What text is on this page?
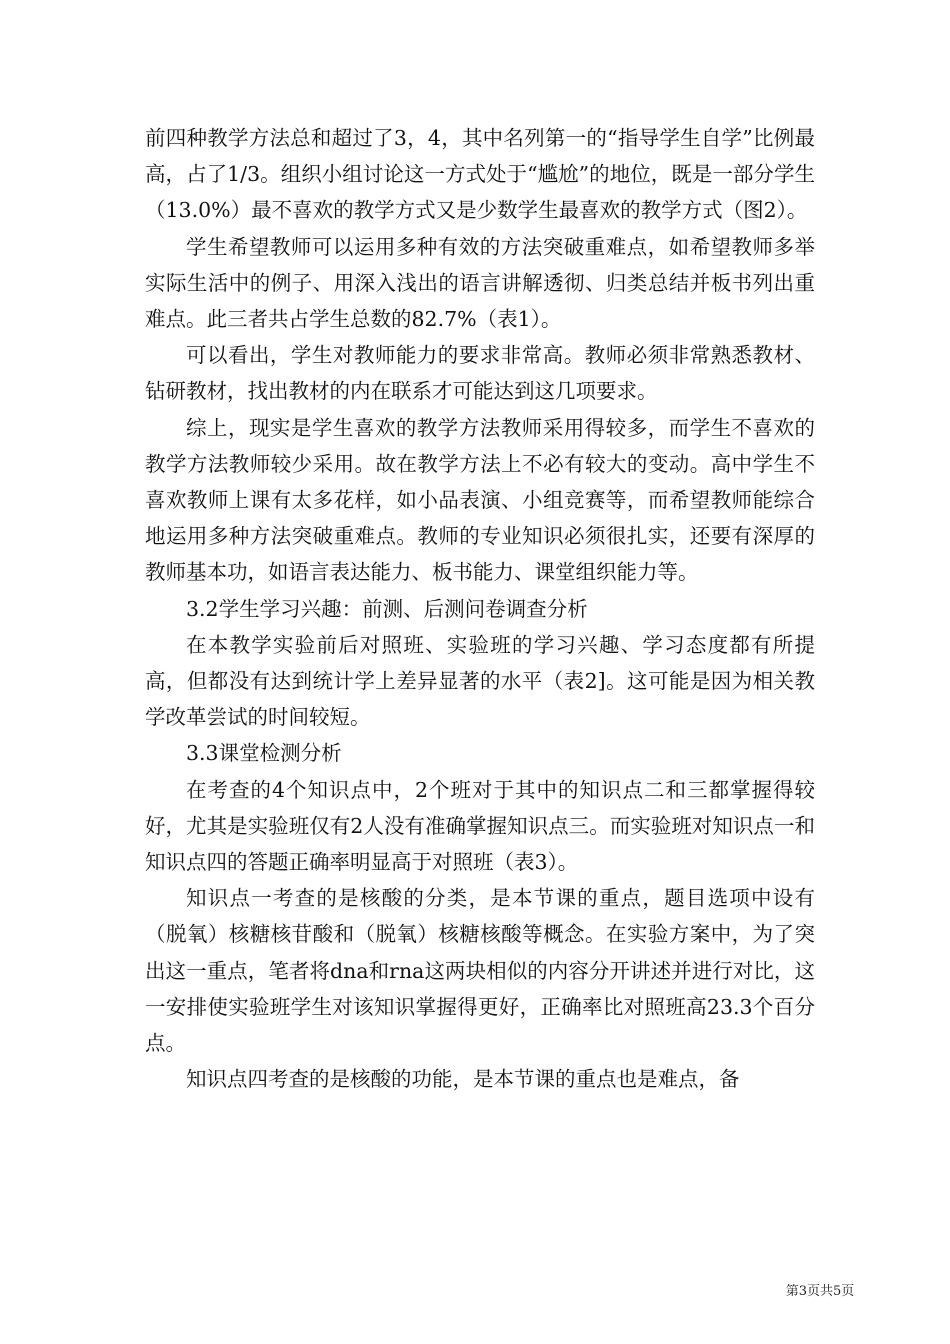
前四种教学方法总和超过了3，4，其中名列第一的“指导学生自学”比例最高，占了1/3。组织小组讨论这一方式处于“尴尬”的地位，既是一部分学生（13.0%）最不喜欢的教学方式又是少数学生最喜欢的教学方式（图2）。

学生希望教师可以运用多种有效的方法突破重难点，如希望教师多举实际生活中的例子、用深入浅出的语言讲解透彻、归类总结并板书列出重难点。此三者共占学生总数的82.7%（表1）。

可以看出，学生对教师能力的要求非常高。教师必须非常熟悉教材、钻研教材，找出教材的内在联系才可能达到这几项要求。

综上，现实是学生喜欢的教学方法教师采用得较多，而学生不喜欢的教学方法教师较少采用。故在教学方法上不必有较大的变动。高中学生不喜欢教师上课有太多花样，如小品表演、小组竞赛等，而希望教师能综合地运用多种方法突破重难点。教师的专业知识必须很扎实，还要有深厚的教师基本功，如语言表达能力、板书能力、课堂组织能力等。

3.2学生学习兴趣：前测、后测问卷调查分析

在本教学实验前后对照班、实验班的学习兴趣、学习态度都有所提高，但都没有达到统计学上差异显著的水平（表2]。这可能是因为相关教学改革尝试的时间较短。

3.3课堂检测分析

在考查的4个知识点中，2个班对于其中的知识点二和三都掌握得较好，尤其是实验班仅有2人没有准确掌握知识点三。而实验班对知识点一和知识点四的答题正确率明显高于对照班（表3）。

知识点一考查的是核酸的分类，是本节课的重点，题目选项中设有（脱氧）核糖核苷酸和（脱氧）核糖核酸等概念。在实验方案中，为了突出这一重点，笔者将dna和rna这两块相似的内容分开讲述并进行对比，这一安排使实验班学生对该知识掌握得更好，正确率比对照班高23.3个百分点。

知识点四考查的是核酸的功能，是本节课的重点也是难点，备

第3页共5页
